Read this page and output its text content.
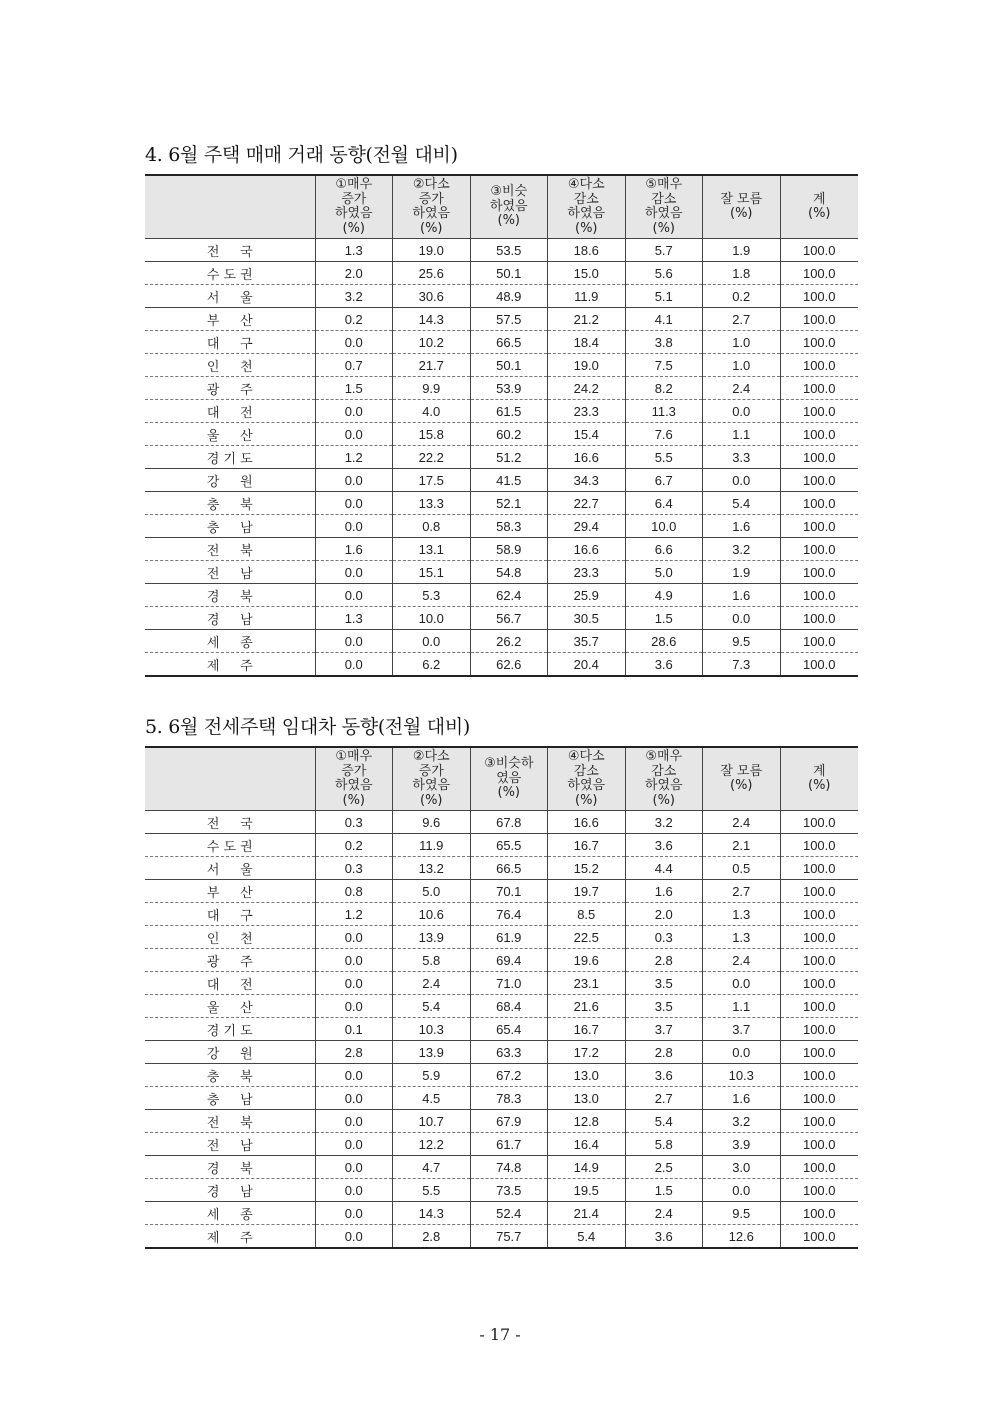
4. 6월 주택 매매 거래 동향(전월 대비)
	①매우
증가
하였음
(%)	②다소
증가
하였음
(%)	③비슷
하였음
(%)	④다소
감소
하였음
(%)	⑤매우
감소
하였음
(%)	잘 모름
(%)	계
(%)
전     국	1.3	19.0	53.5	18.6	5.7	1.9	100.0
수 도 권	2.0	25.6	50.1	15.0	5.6	1.8	100.0
서     울	3.2	30.6	48.9	11.9	5.1	0.2	100.0
부     산	0.2	14.3	57.5	21.2	4.1	2.7	100.0
대     구	0.0	10.2	66.5	18.4	3.8	1.0	100.0
인     천	0.7	21.7	50.1	19.0	7.5	1.0	100.0
광     주	1.5	9.9	53.9	24.2	8.2	2.4	100.0
대     전	0.0	4.0	61.5	23.3	11.3	0.0	100.0
울     산	0.0	15.8	60.2	15.4	7.6	1.1	100.0
경 기 도	1.2	22.2	51.2	16.6	5.5	3.3	100.0
강     원	0.0	17.5	41.5	34.3	6.7	0.0	100.0
충     북	0.0	13.3	52.1	22.7	6.4	5.4	100.0
충     남	0.0	0.8	58.3	29.4	10.0	1.6	100.0
전     북	1.6	13.1	58.9	16.6	6.6	3.2	100.0
전     남	0.0	15.1	54.8	23.3	5.0	1.9	100.0
경     북	0.0	5.3	62.4	25.9	4.9	1.6	100.0
경     남	1.3	10.0	56.7	30.5	1.5	0.0	100.0
세     종	0.0	0.0	26.2	35.7	28.6	9.5	100.0
제     주	0.0	6.2	62.6	20.4	3.6	7.3	100.0
5. 6월 전세주택 임대차 동향(전월 대비)
	①매우
증가
하였음
(%)	②다소
증가
하였음
(%)	③비슷하
였음
(%)	④다소
감소
하였음
(%)	⑤매우
감소
하였음
(%)	잘 모름
(%)	계
(%)
전     국	0.3	9.6	67.8	16.6	3.2	2.4	100.0
수 도 권	0.2	11.9	65.5	16.7	3.6	2.1	100.0
서     울	0.3	13.2	66.5	15.2	4.4	0.5	100.0
부     산	0.8	5.0	70.1	19.7	1.6	2.7	100.0
대     구	1.2	10.6	76.4	8.5	2.0	1.3	100.0
인     천	0.0	13.9	61.9	22.5	0.3	1.3	100.0
광     주	0.0	5.8	69.4	19.6	2.8	2.4	100.0
대     전	0.0	2.4	71.0	23.1	3.5	0.0	100.0
울     산	0.0	5.4	68.4	21.6	3.5	1.1	100.0
경 기 도	0.1	10.3	65.4	16.7	3.7	3.7	100.0
강     원	2.8	13.9	63.3	17.2	2.8	0.0	100.0
충     북	0.0	5.9	67.2	13.0	3.6	10.3	100.0
충     남	0.0	4.5	78.3	13.0	2.7	1.6	100.0
전     북	0.0	10.7	67.9	12.8	5.4	3.2	100.0
전     남	0.0	12.2	61.7	16.4	5.8	3.9	100.0
경     북	0.0	4.7	74.8	14.9	2.5	3.0	100.0
경     남	0.0	5.5	73.5	19.5	1.5	0.0	100.0
세     종	0.0	14.3	52.4	21.4	2.4	9.5	100.0
제     주	0.0	2.8	75.7	5.4	3.6	12.6	100.0
- 17 -
